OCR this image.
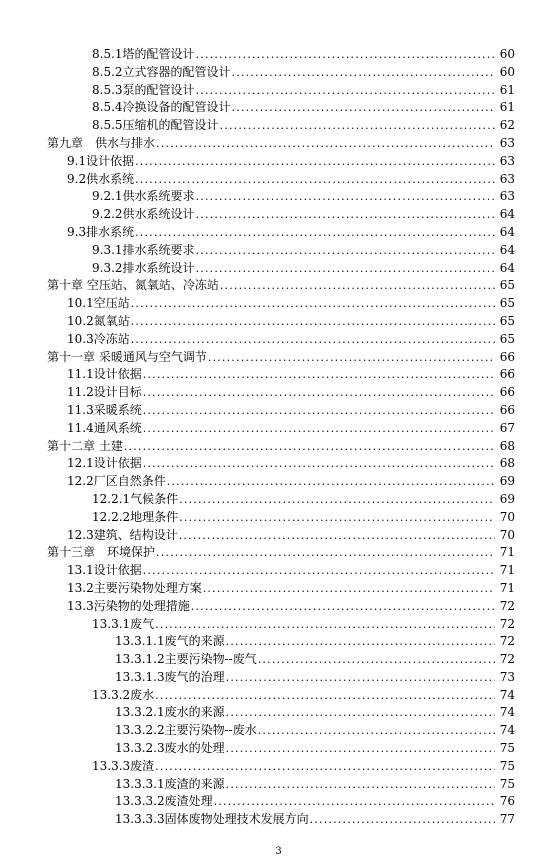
8.5.1塔的配管设计 .....	60
8.5.2立式容器的配管设计 .....	60
8.5.3泵的配管设计 .....	61
8.5.4冷换设备的配管设计 .....	61
8.5.5压缩机的配管设计 .....	62
第九章　供水与排水 .....	63
9.1设计依据 .....	63
9.2供水系统 .....	63
9.2.1供水系统要求 .....	63
9.2.2供水系统设计 .....	64
9.3排水系统 .....	64
9.3.1排水系统要求 .....	64
9.3.2排水系统设计 .....	64
第十章 空压站、氮氧站、冷冻站 .....	65
10.1空压站 .....	65
10.2氮氧站 .....	65
10.3冷冻站 .....	65
第十一章 采暖通风与空气调节 .....	66
11.1设计依据 .....	66
11.2设计目标 .....	66
11.3采暖系统 .....	66
11.4通风系统 .....	67
第十二章 土建 .....	68
12.1设计依据 .....	68
12.2厂区自然条件 .....	69
12.2.1气候条件 .....	69
12.2.2地理条件 .....	70
12.3建筑、结构设计 .....	70
第十三章　环境保护 .....	71
13.1设计依据 .....	71
13.2主要污染物处理方案 .....	71
13.3污染物的处理措施 .....	72
13.3.1废气 .....	72
13.3.1.1废气的来源 .....	72
13.3.1.2主要污染物--废气 .....	72
13.3.1.3废气的治理 .....	73
13.3.2废水 .....	74
13.3.2.1废水的来源 .....	74
13.3.2.2主要污染物--废水 .....	74
13.3.2.3废水的处理 .....	75
13.3.3废渣 .....	75
13.3.3.1废渣的来源 .....	75
13.3.3.2废渣处理 .....	76
13.3.3.3固体废物处理技术发展方向 .....	77
3
